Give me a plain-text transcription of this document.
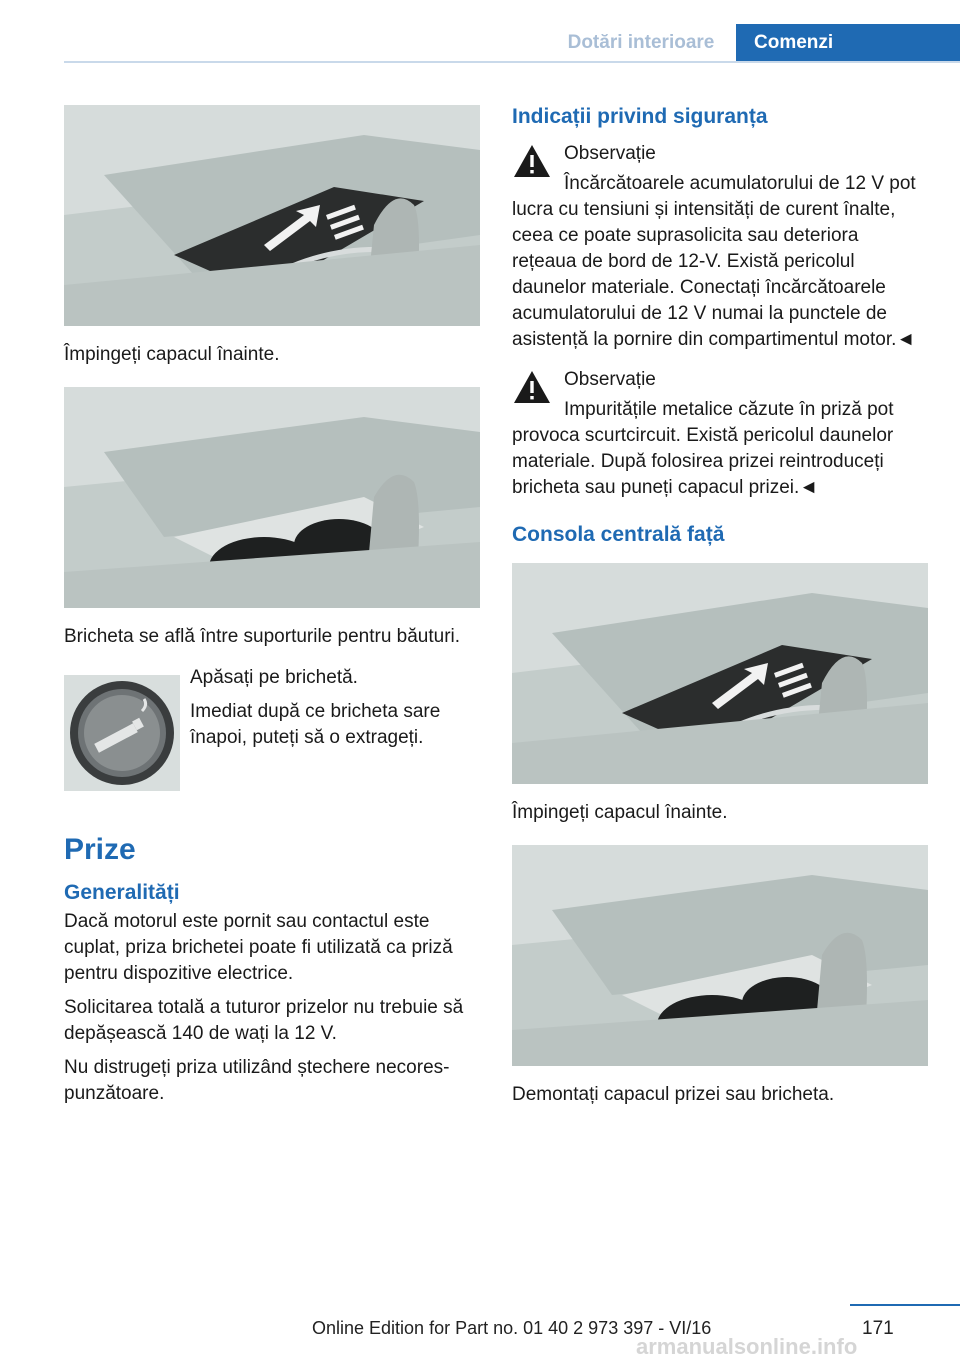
Dotări interioare	Comenzi

Împingeți capacul înainte.

Bricheta se află între suporturile pentru băuturi.

Apăsați pe brichetă.

Imediat după ce bricheta sare înapoi, puteți să o extrageți.

Prize

Generalități

Dacă motorul este pornit sau contactul este cuplat, priza brichetei poate fi utilizată ca priză pentru dispozitive electrice.

Solicitarea totală a tuturor prizelor nu trebuie să depășească 140 de wați la 12 V.

Nu distrugeți priza utilizând ștechere necorespunzătoare.

Indicații privind siguranța

Observație

Încărcătoarele acumulatorului de 12 V pot lucra cu tensiuni și intensități de curent înalte, ceea ce poate suprasolicita sau deteriora rețeaua de bord de 12-V. Există pericolul daunelor materiale. Conectați încărcătoarele acumulatorului de 12 V numai la punctele de asistență la pornire din compartimentul motor.◄

Observație

Impuritățile metalice căzute în priză pot provoca scurtcircuit. Există pericolul daunelor materiale. După folosirea prizei reintroduceți bricheta sau puneți capacul prizei.◄

Consola centrală față

Împingeți capacul înainte.

Demontați capacul prizei sau bricheta.

Online Edition for Part no. 01 40 2 973 397 - VI/16	171
armanualsonline.info
